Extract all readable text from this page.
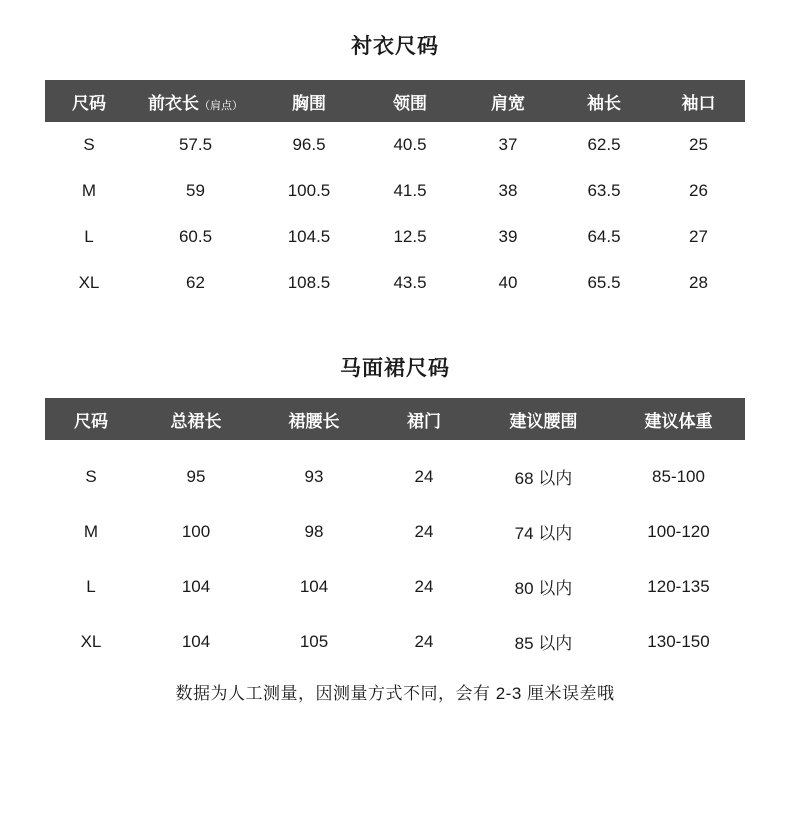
衬衣尺码
尺码	前衣长（肩点）	胸围	领围	肩宽	袖长	袖口
S	57.5	96.5	40.5	37	62.5	25
M	59	100.5	41.5	38	63.5	26
L	60.5	104.5	12.5	39	64.5	27
XL	62	108.5	43.5	40	65.5	28
马面裙尺码
尺码	总裙长	裙腰长	裙门	建议腰围	建议体重
S	95	93	24	68 以内	85-100
M	100	98	24	74 以内	100-120
L	104	104	24	80 以内	120-135
XL	104	105	24	85 以内	130-150
数据为人工测量，因测量方式不同，会有 2-3 厘米误差哦
